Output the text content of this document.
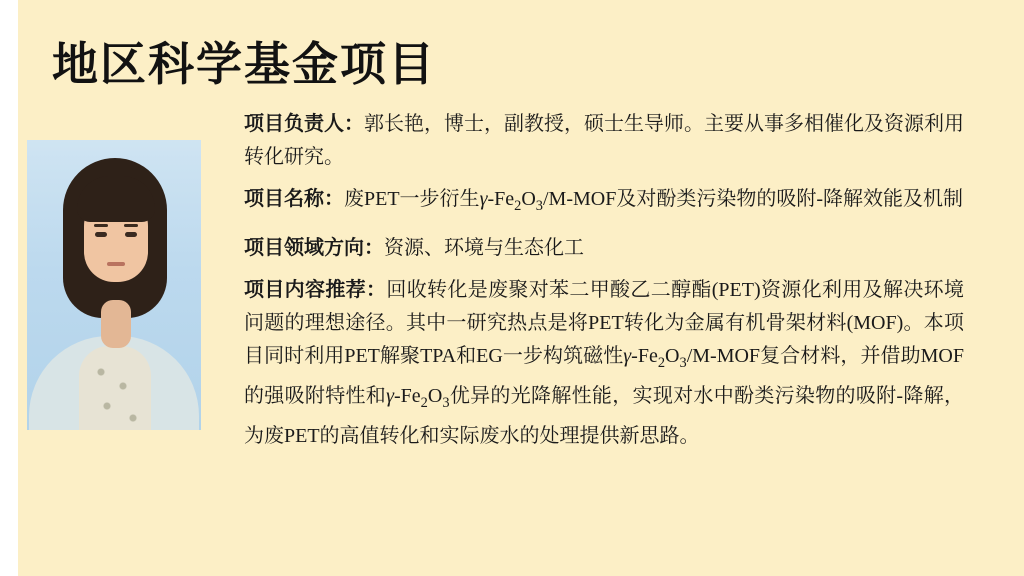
地区科学基金项目

项目负责人：郭长艳，博士，副教授，硕士生导师。主要从事多相催化及资源利用转化研究。

项目名称：废PET一步衍生$\gamma-Fe_2O_3/M$-MOF及对酚类污染物的吸附-降解效能及机制

项目领域方向：资源、环境与生态化工

项目内容推荐：回收转化是废聚对苯二甲酸乙二醇酯(PET)资源化利用及解决环境问题的理想途径。其中一研究热点是将PET转化为金属有机骨架材料(MOF)。本项目同时利用PET解聚TPA和EG一步构筑磁性$\gamma-Fe_2O_3/M$-MOF复合材料，并借助MOF的强吸附特性和$\gamma-Fe_2O_3$优异的光降解性能，实现对水中酚类污染物的吸附-降解，为废PET的高值转化和实际废水的处理提供新思路。
